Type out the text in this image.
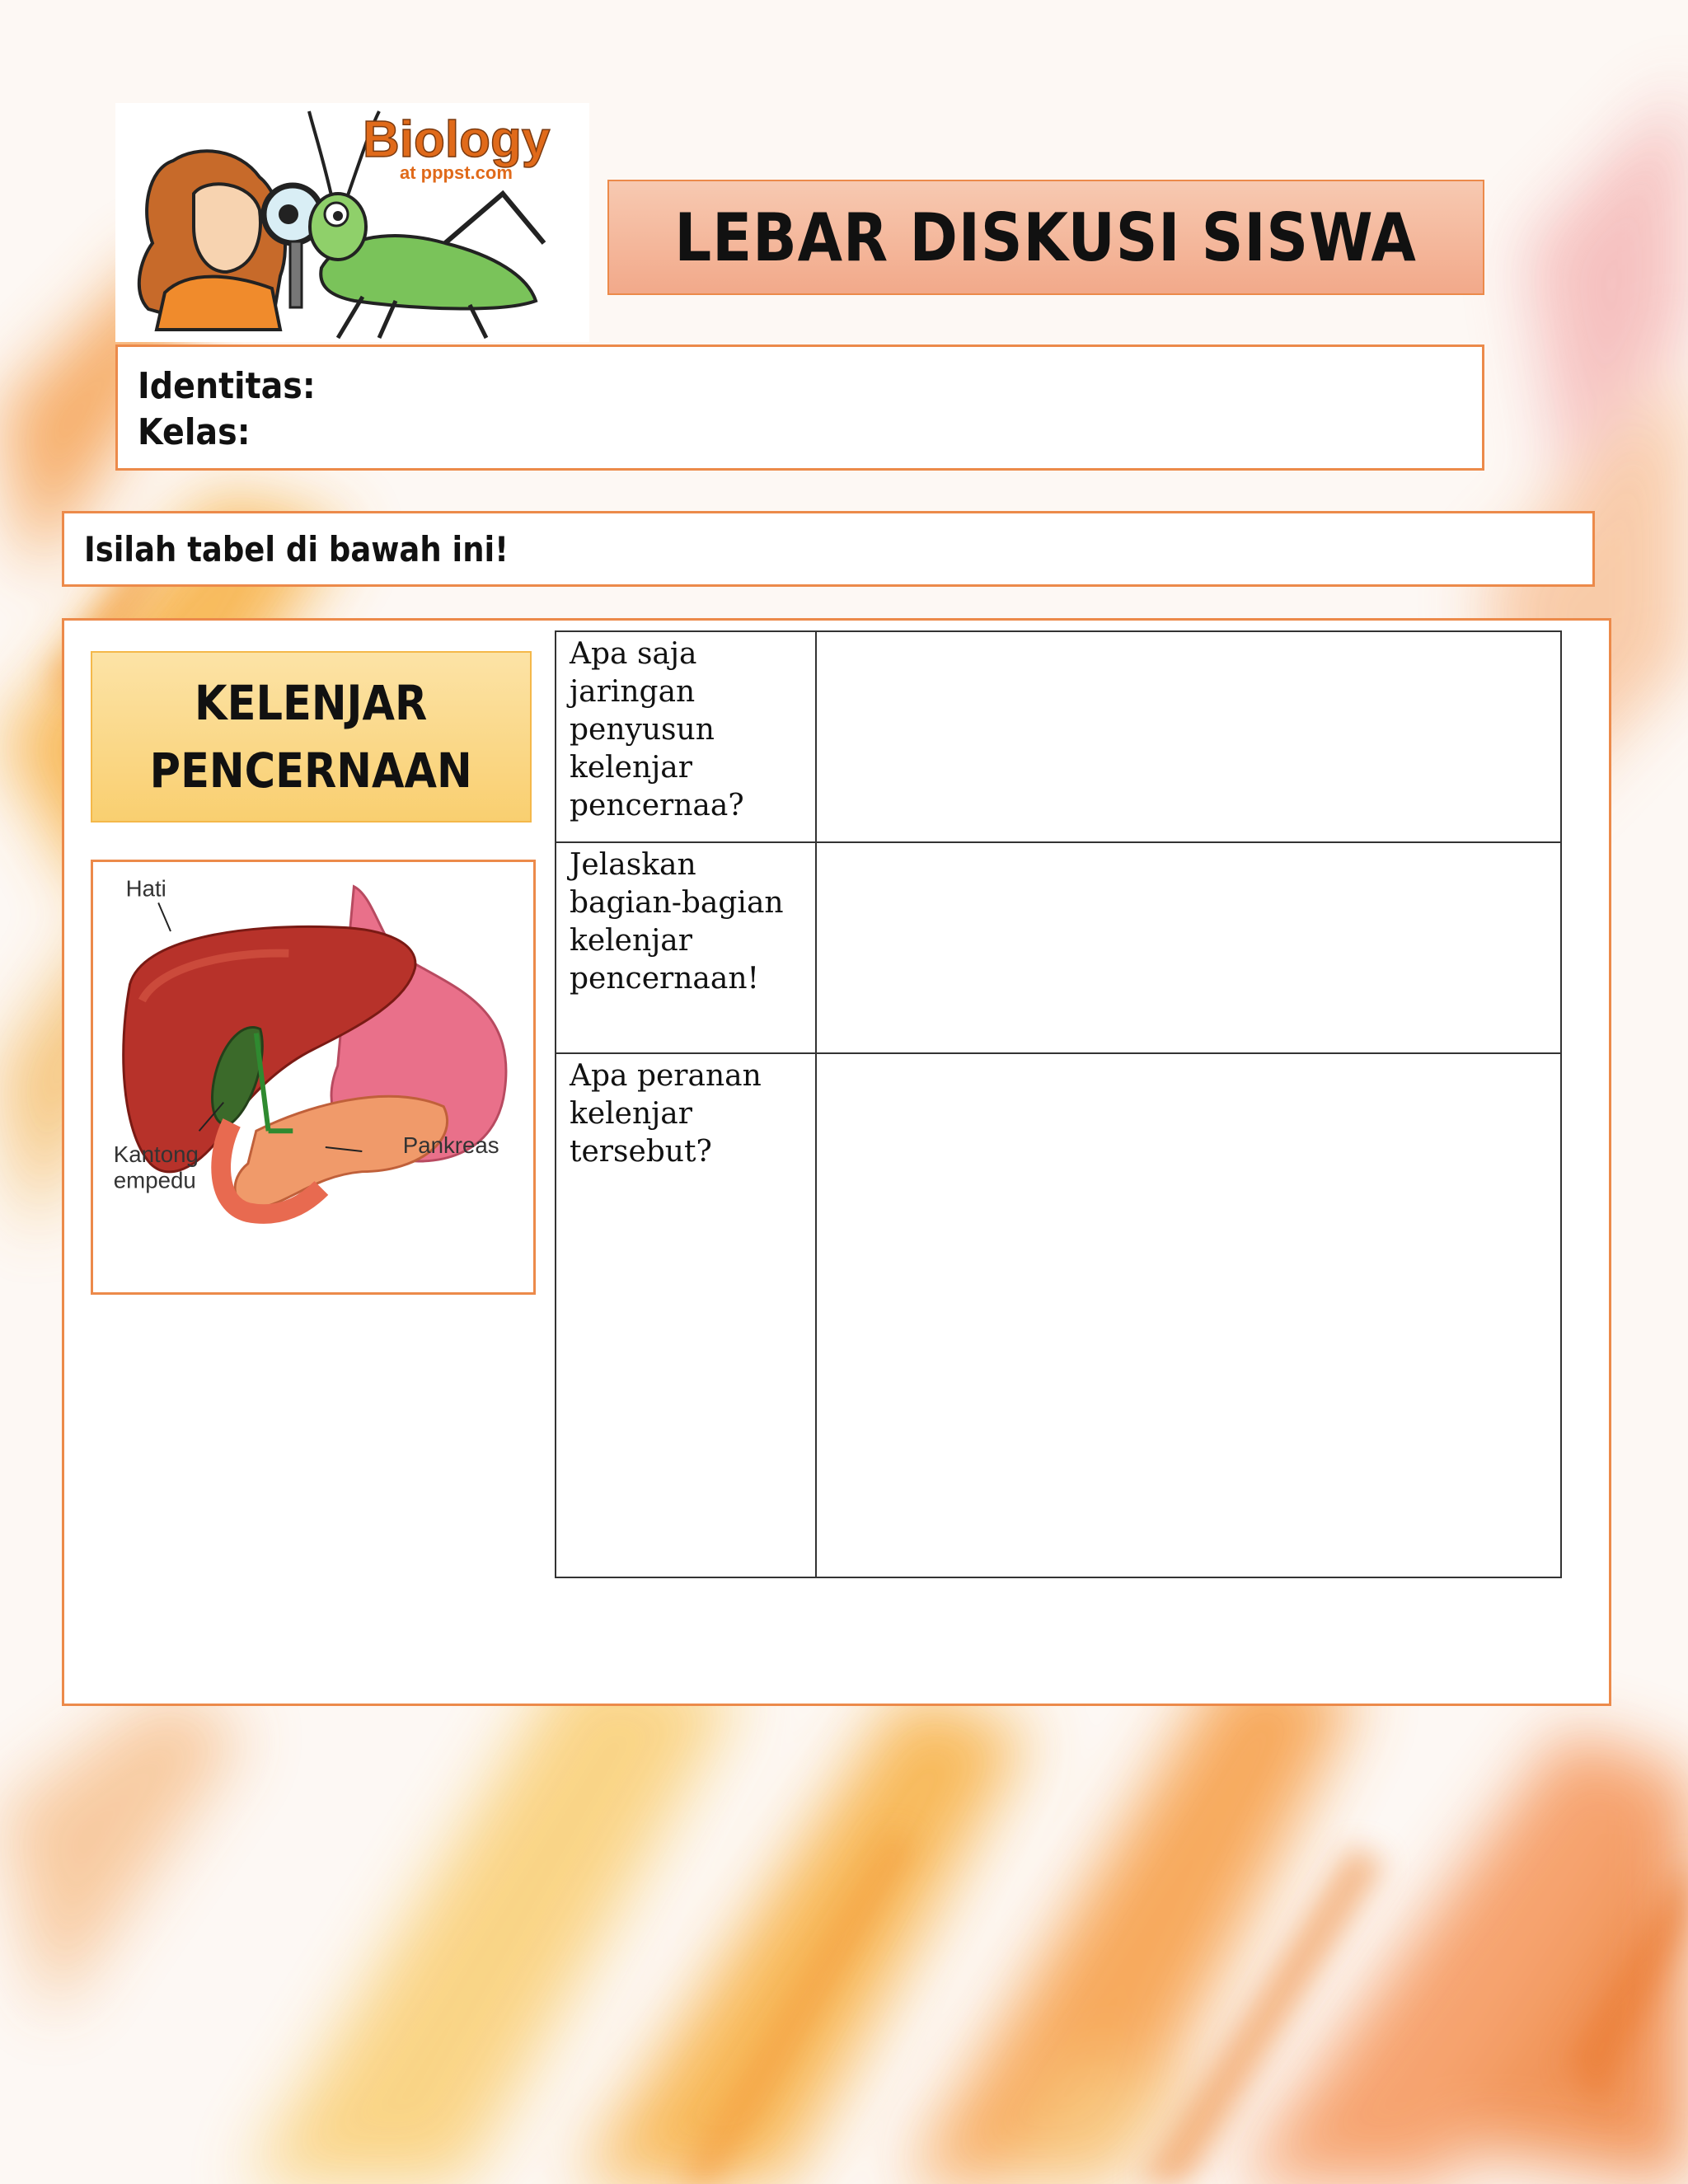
Biology
at pppst.com
LEBAR DISKUSI SISWA
Identitas:
Kelas:
Isilah tabel di bawah ini!
KELENJAR
PENCERNAAN
Hati
Kantong
empedu
Pankreas
Apa saja jaringan penyusun kelenjar pencernaa?	
Jelaskan bagian-bagian kelenjar pencernaan!	
Apa peranan kelenjar tersebut?	
